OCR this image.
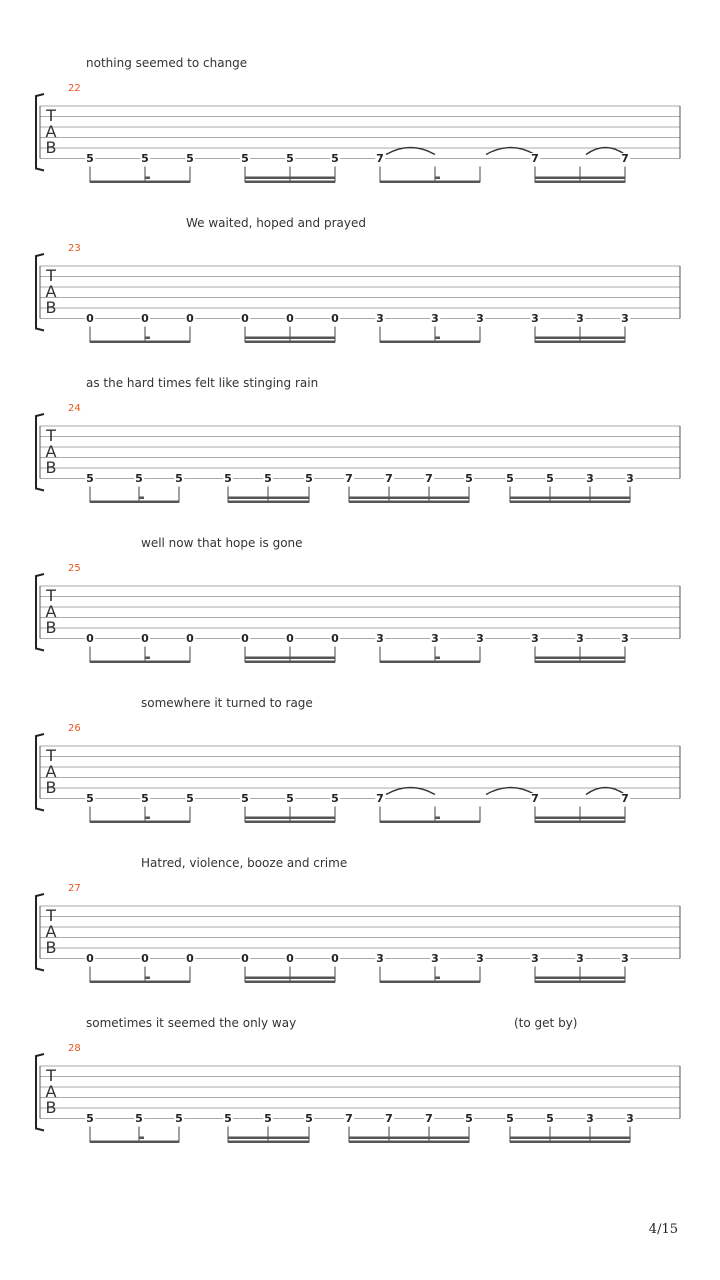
nothing seemed to change
22
T
A
B
5	5	5	5	5	5	7	7	7
We waited, hoped and prayed
23
T
A
B
0	0	0	0	0	0	3	3	3	3	3	3
as the hard times felt like stinging rain
24
T
A
B
5	5	5	5	5	5	7	7	7	5	5	5	3	3
well now that hope is gone
25
T
A
B
0	0	0	0	0	0	3	3	3	3	3	3
somewhere it turned to rage
26
T
A
B
5	5	5	5	5	5	7	7	7
Hatred, violence, booze and crime
27
T
A
B
0	0	0	0	0	0	3	3	3	3	3	3
sometimes it seemed the only way	(to get by)
28
T
A
B
5	5	5	5	5	5	7	7	7	5	5	5	3	3
4/15
